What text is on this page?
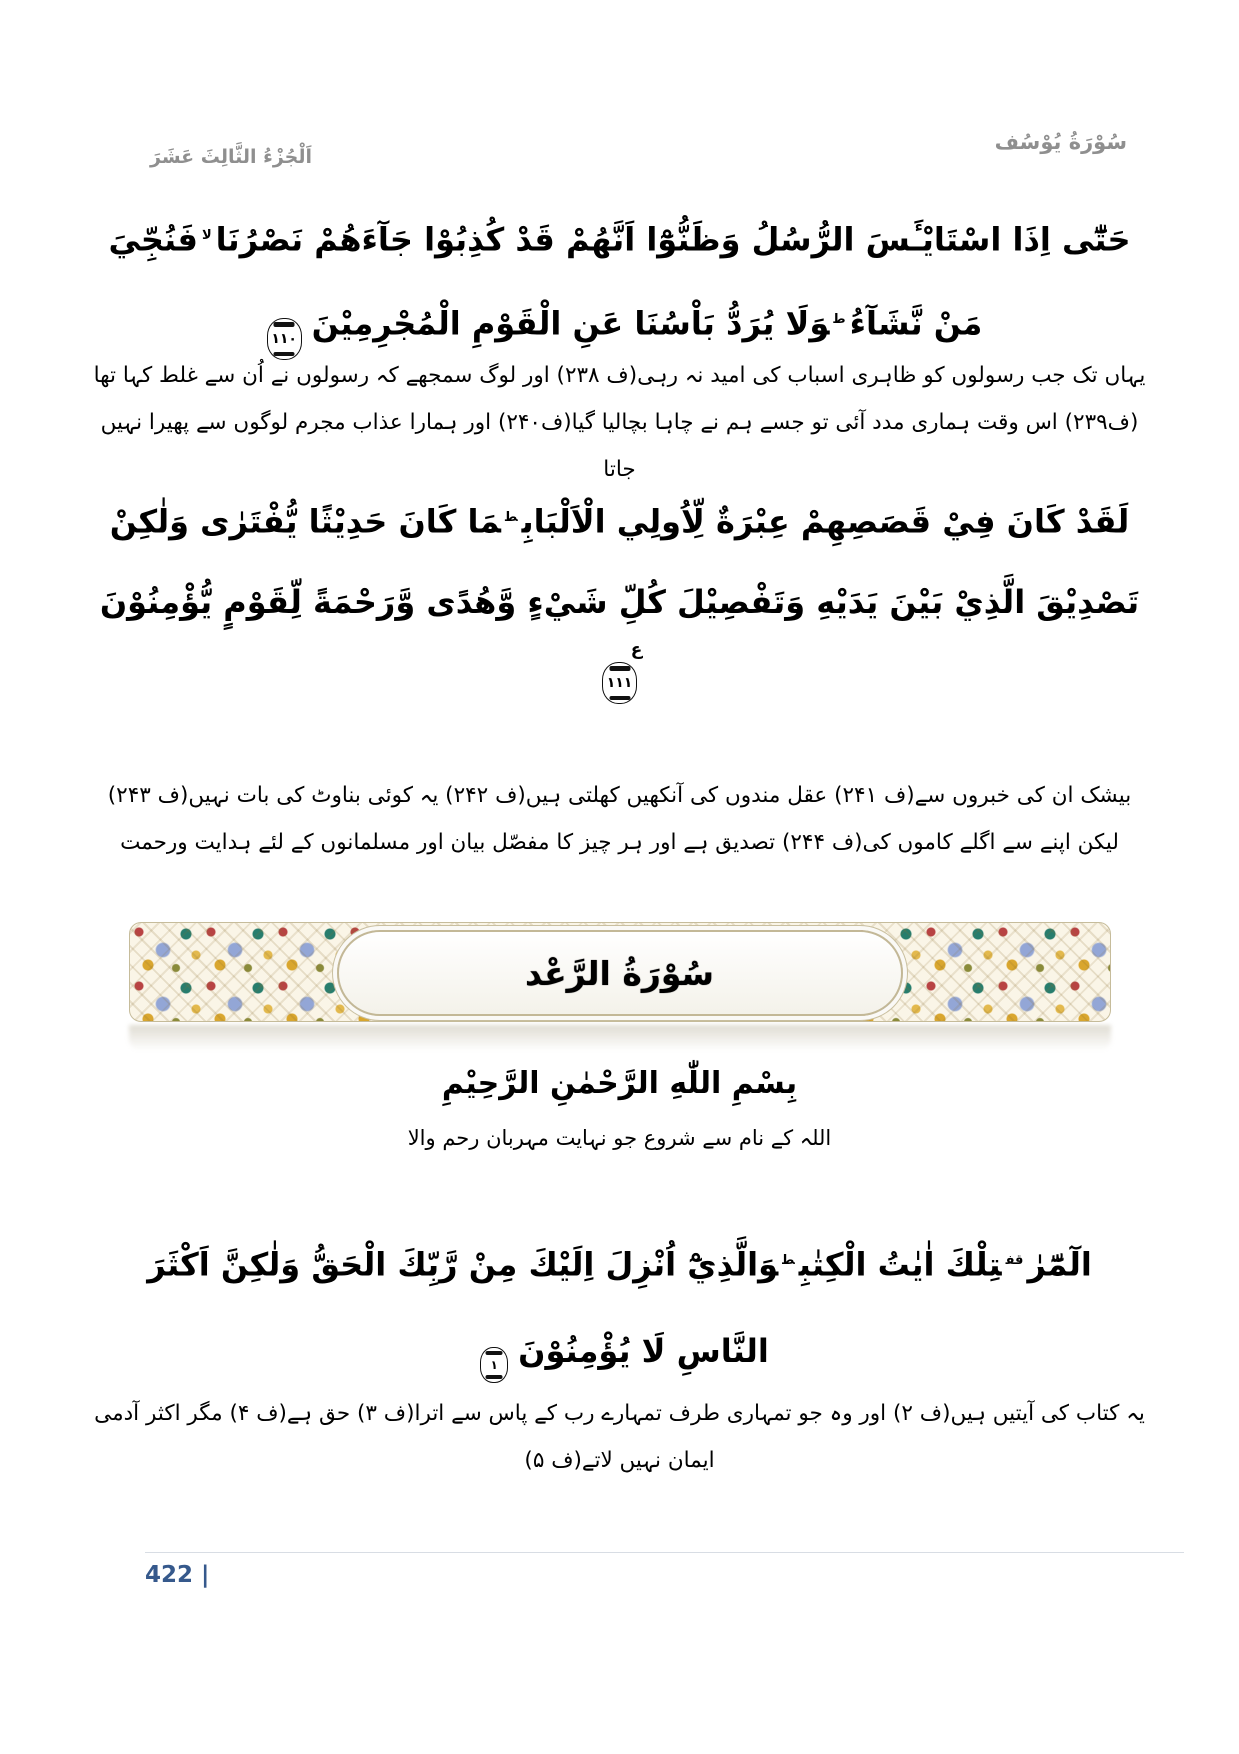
سُوْرَةُ يُوْسُف
اَلْجُزْءُ الثَّالِثَ عَشَرَ
حَتّٰٓى اِذَا اسْتَايْـَٔسَ الرُّسُلُ وَظَنُّوْٓا اَنَّهُمْ قَدْ كُذِبُوْا جَآءَهُمْ نَصْرُنَا$^{لا}$فَنُجِّيَ
مَنْ نَّشَآءُ$^ط$وَلَا يُرَدُّ بَاْسُنَا عَنِ الْقَوْمِ الْمُجْرِمِيْنَ
۱۱۰
یہاں تک جب رسولوں کو ظاہری اسباب کی امید نہ رہی(ف ۲۳۸) اور لوگ سمجھے کہ رسولوں نے اُن سے غلط کہا تھا
(ف۲۳۹) اس وقت ہماری مدد آئی تو جسے ہم نے چاہا بچالیا گیا(ف۲۴۰) اور ہمارا عذاب مجرم لوگوں سے پھیرا نہیں جاتا
لَقَدْ كَانَ فِيْ قَصَصِهِمْ عِبْرَةٌ لِّاُولِي الْاَلْبَابِ$^ط$مَا كَانَ حَدِيْثًا يُّفْتَرٰى وَلٰكِنْ
تَصْدِيْقَ الَّذِيْ بَيْنَ يَدَيْهِ وَتَفْصِيْلَ كُلِّ شَيْءٍ وَّهُدًى وَّرَحْمَةً لِّقَوْمٍ يُّؤْمِنُوْنَ
ع
۱۱۱
بیشک ان کی خبروں سے(ف ۲۴۱) عقل مندوں کی آنکھیں کھلتی ہیں(ف ۲۴۲) یہ کوئی بناوٹ کی بات نہیں(ف ۲۴۳)
لیکن اپنے سے اگلے کاموں کی(ف ۲۴۴) تصدیق ہے اور ہر چیز کا مفصّل بیان اور مسلمانوں کے لئے ہدایت ورحمت
سُوْرَةُ الرَّعْد
بِسْمِ اللّٰهِ الرَّحْمٰنِ الرَّحِيْمِ
اللہ کے نام سے شروع جو نہایت مہربان رحم والا
الٓمّٓرٰ$^{قف}$تِلْكَ اٰيٰتُ الْكِتٰبِ$^ط$وَالَّذِيْٓ اُنْزِلَ اِلَيْكَ مِنْ رَّبِّكَ الْحَقُّ وَلٰكِنَّ اَكْثَرَ
النَّاسِ لَا يُؤْمِنُوْنَ
۱
یہ کتاب کی آیتیں ہیں(ف ۲) اور وہ جو تمہاری طرف تمہارے رب کے پاس سے اترا(ف ۳) حق ہے(ف ۴) مگر اکثر آدمی
ایمان نہیں لاتے(ف ۵)
422 |
